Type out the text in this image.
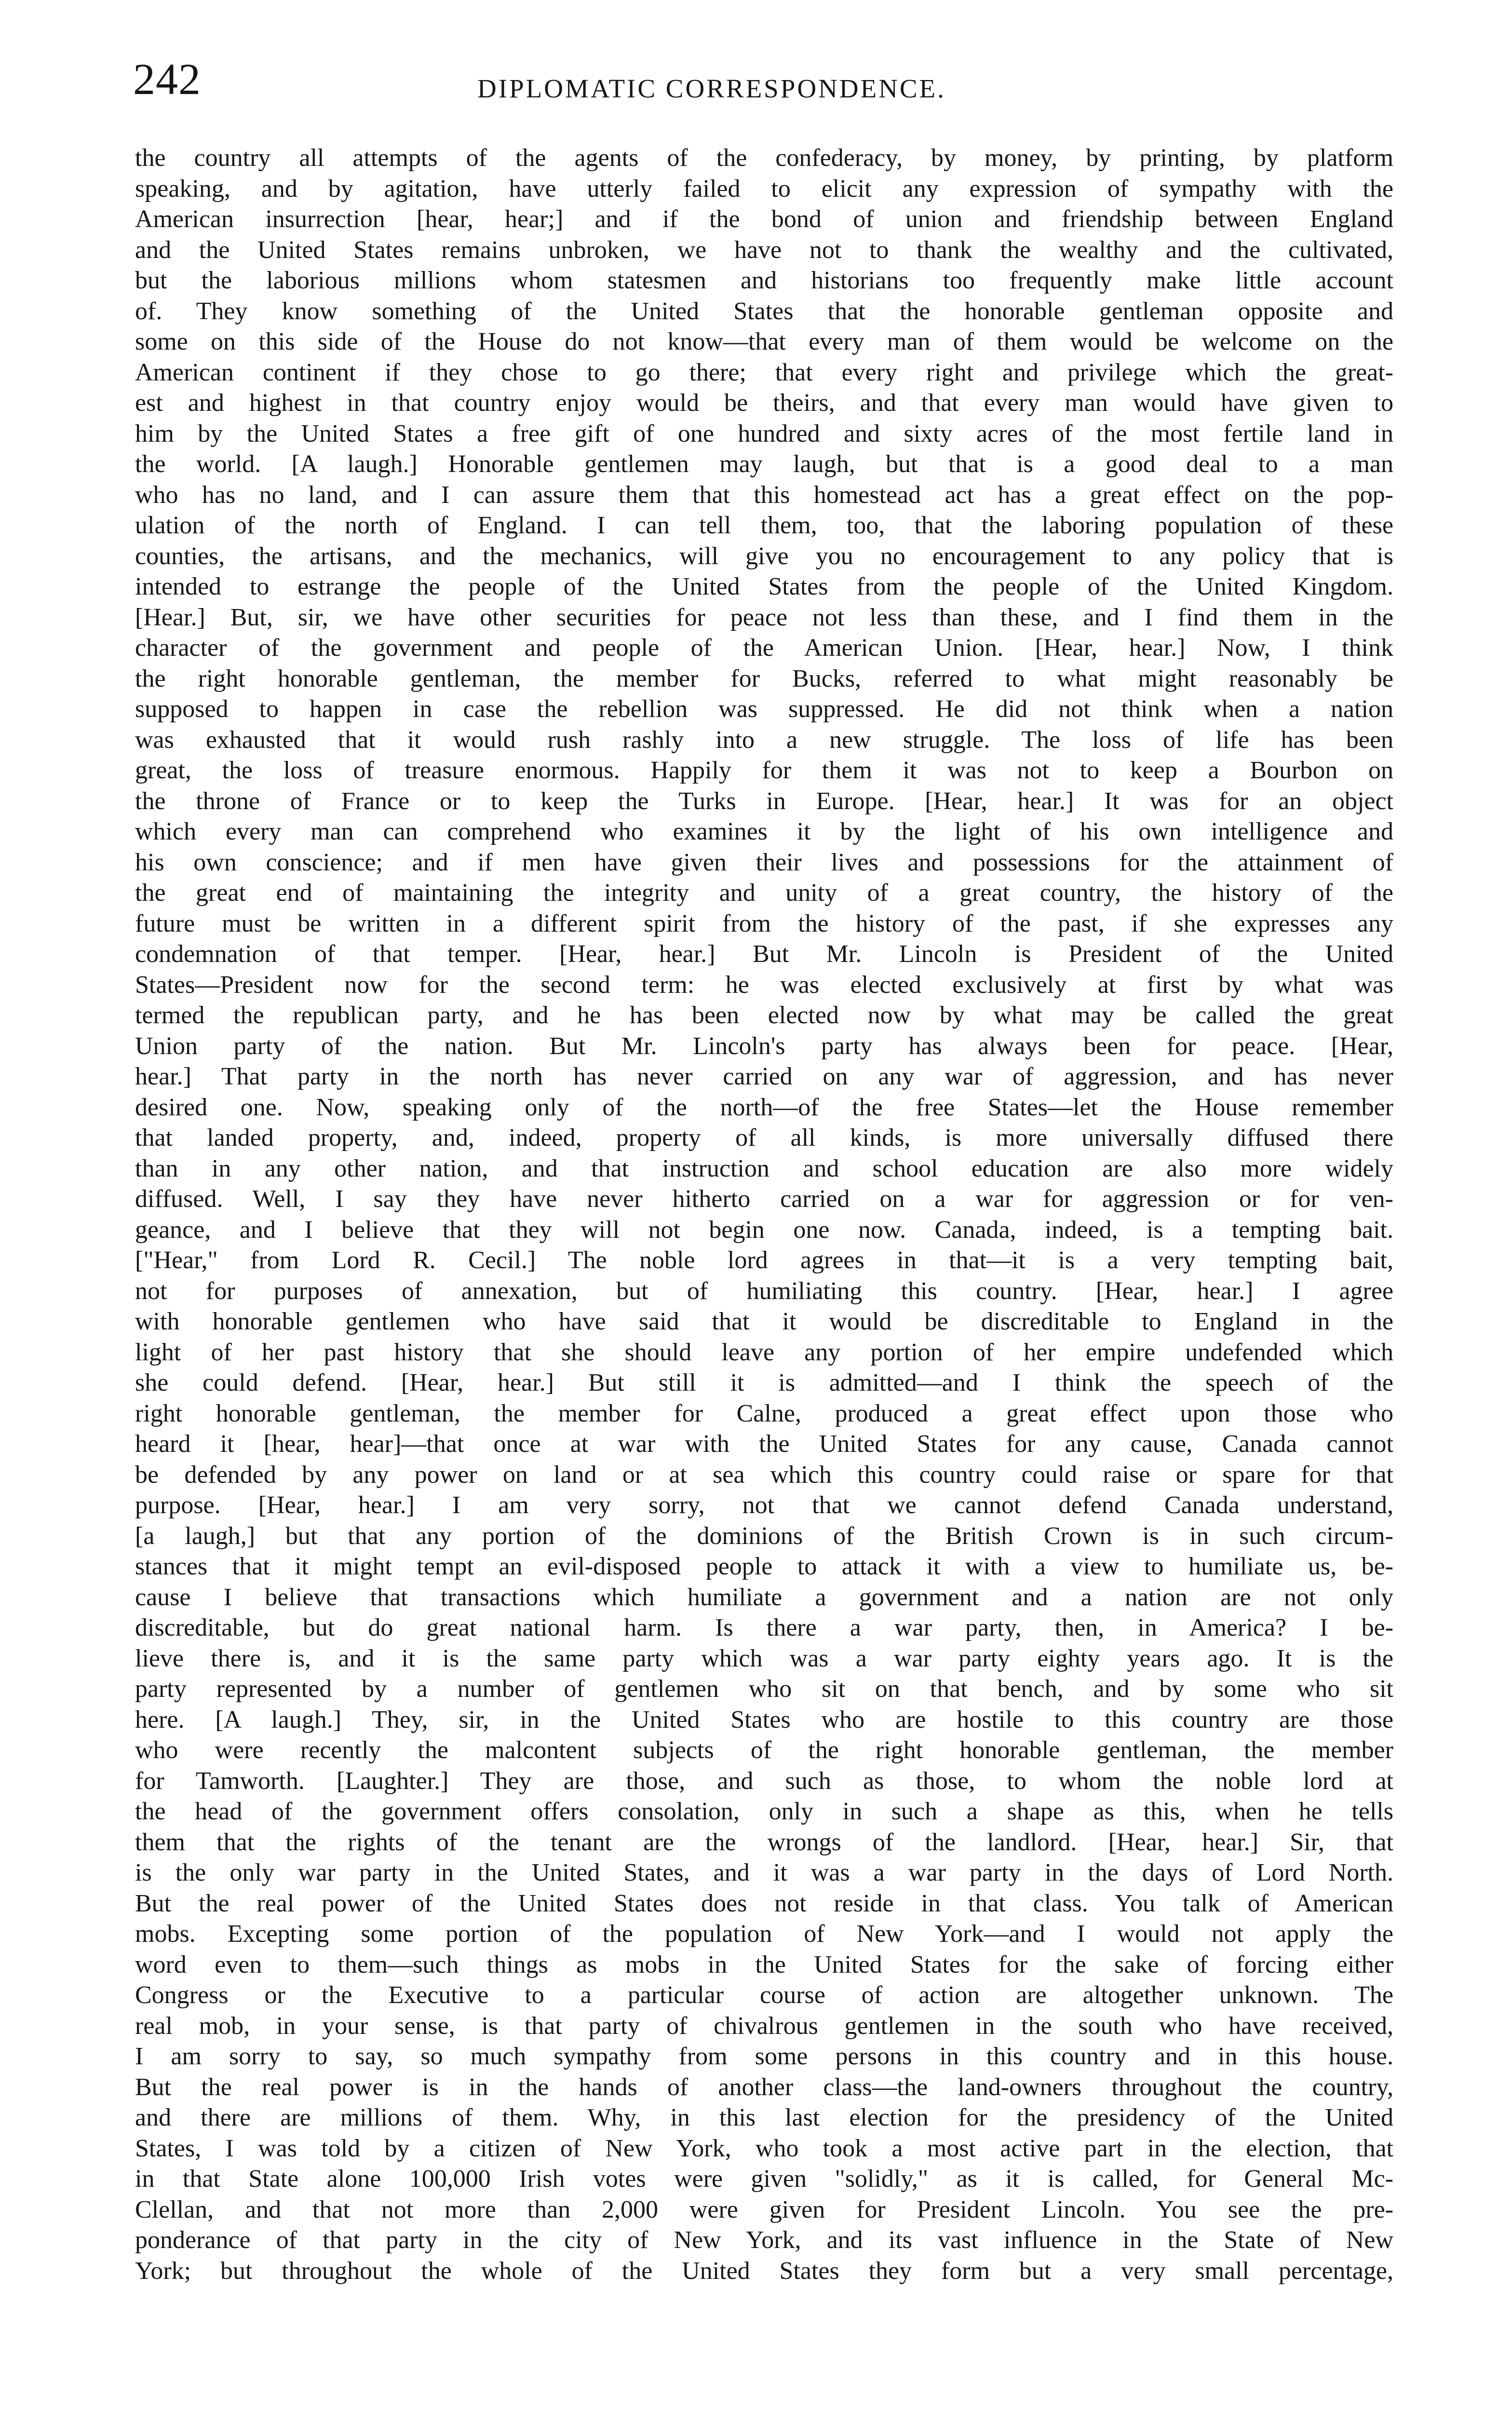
242	DIPLOMATIC CORRESPONDENCE.
the country all attempts of the agents of the confederacy, by money, by printing, by platform
speaking, and by agitation, have utterly failed to elicit any expression of sympathy with the
American insurrection [hear, hear;] and if the bond of union and friendship between England
and the United States remains unbroken, we have not to thank the wealthy and the cultivated,
but the laborious millions whom statesmen and historians too frequently make little account
of. They know something of the United States that the honorable gentleman opposite and
some on this side of the House do not know—that every man of them would be welcome on the
American continent if they chose to go there; that every right and privilege which the great-
est and highest in that country enjoy would be theirs, and that every man would have given to
him by the United States a free gift of one hundred and sixty acres of the most fertile land in
the world. [A laugh.] Honorable gentlemen may laugh, but that is a good deal to a man
who has no land, and I can assure them that this homestead act has a great effect on the pop-
ulation of the north of England. I can tell them, too, that the laboring population of these
counties, the artisans, and the mechanics, will give you no encouragement to any policy that is
intended to estrange the people of the United States from the people of the United Kingdom.
[Hear.] But, sir, we have other securities for peace not less than these, and I find them in the
character of the government and people of the American Union. [Hear, hear.] Now, I think
the right honorable gentleman, the member for Bucks, referred to what might reasonably be
supposed to happen in case the rebellion was suppressed. He did not think when a nation
was exhausted that it would rush rashly into a new struggle. The loss of life has been
great, the loss of treasure enormous. Happily for them it was not to keep a Bourbon on
the throne of France or to keep the Turks in Europe. [Hear, hear.] It was for an object
which every man can comprehend who examines it by the light of his own intelligence and
his own conscience; and if men have given their lives and possessions for the attainment of
the great end of maintaining the integrity and unity of a great country, the history of the
future must be written in a different spirit from the history of the past, if she expresses any
condemnation of that temper. [Hear, hear.] But Mr. Lincoln is President of the United
States—President now for the second term: he was elected exclusively at first by what was
termed the republican party, and he has been elected now by what may be called the great
Union party of the nation. But Mr. Lincoln's party has always been for peace. [Hear,
hear.] That party in the north has never carried on any war of aggression, and has never
desired one. Now, speaking only of the north—of the free States—let the House remember
that landed property, and, indeed, property of all kinds, is more universally diffused there
than in any other nation, and that instruction and school education are also more widely
diffused. Well, I say they have never hitherto carried on a war for aggression or for ven-
geance, and I believe that they will not begin one now. Canada, indeed, is a tempting bait.
["Hear," from Lord R. Cecil.] The noble lord agrees in that—it is a very tempting bait,
not for purposes of annexation, but of humiliating this country. [Hear, hear.] I agree
with honorable gentlemen who have said that it would be discreditable to England in the
light of her past history that she should leave any portion of her empire undefended which
she could defend. [Hear, hear.] But still it is admitted—and I think the speech of the
right honorable gentleman, the member for Calne, produced a great effect upon those who
heard it [hear, hear]—that once at war with the United States for any cause, Canada cannot
be defended by any power on land or at sea which this country could raise or spare for that
purpose. [Hear, hear.] I am very sorry, not that we cannot defend Canada understand,
[a laugh,] but that any portion of the dominions of the British Crown is in such circum-
stances that it might tempt an evil-disposed people to attack it with a view to humiliate us, be-
cause I believe that transactions which humiliate a government and a nation are not only
discreditable, but do great national harm. Is there a war party, then, in America? I be-
lieve there is, and it is the same party which was a war party eighty years ago. It is the
party represented by a number of gentlemen who sit on that bench, and by some who sit
here. [A laugh.] They, sir, in the United States who are hostile to this country are those
who were recently the malcontent subjects of the right honorable gentleman, the member
for Tamworth. [Laughter.] They are those, and such as those, to whom the noble lord at
the head of the government offers consolation, only in such a shape as this, when he tells
them that the rights of the tenant are the wrongs of the landlord. [Hear, hear.] Sir, that
is the only war party in the United States, and it was a war party in the days of Lord North.
But the real power of the United States does not reside in that class. You talk of American
mobs. Excepting some portion of the population of New York—and I would not apply the
word even to them—such things as mobs in the United States for the sake of forcing either
Congress or the Executive to a particular course of action are altogether unknown. The
real mob, in your sense, is that party of chivalrous gentlemen in the south who have received,
I am sorry to say, so much sympathy from some persons in this country and in this house.
But the real power is in the hands of another class—the land-owners throughout the country,
and there are millions of them. Why, in this last election for the presidency of the United
States, I was told by a citizen of New York, who took a most active part in the election, that
in that State alone 100,000 Irish votes were given "solidly," as it is called, for General Mc-
Clellan, and that not more than 2,000 were given for President Lincoln. You see the pre-
ponderance of that party in the city of New York, and its vast influence in the State of New
York; but throughout the whole of the United States they form but a very small percentage,
